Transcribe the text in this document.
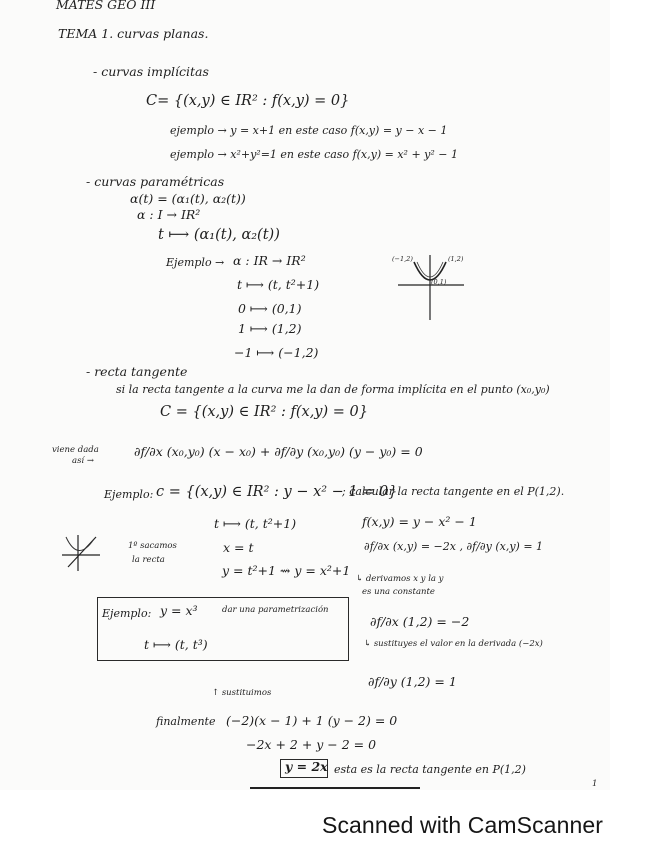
MATES GEO III
TEMA 1. curvas planas.
- curvas implícitas
C= {(x,y) ∈ IR² : f(x,y) = 0}
ejemplo → y = x+1 en este caso f(x,y) = y − x − 1
ejemplo → x²+y²=1 en este caso f(x,y) = x² + y² − 1
- curvas paramétricas
α(t) = (α₁(t), α₂(t))
α : I → IR²
t ⟼ (α₁(t), α₂(t))
Ejemplo → α : IR → IR²
t ⟼ (t, t²+1)
0 ⟼ (0,1)
1 ⟼ (1,2)
−1 ⟼ (−1,2)
(−1,2)	(1,2)
(0,1)
- recta tangente
si la recta tangente a la curva me la dan de forma implícita en el punto (x₀,y₀)
C = {(x,y) ∈ IR² : f(x,y) = 0}
viene dada
así →
∂f/∂x (x₀,y₀) (x − x₀) + ∂f/∂y (x₀,y₀) (y − y₀) = 0
Ejemplo: c = {(x,y) ∈ IR² : y − x² − 1 = 0}
; calcular la recta tangente en el P(1,2).
t ⟼ (t, t²+1)
x = t
y = t²+1 ⇝ y = x²+1
1º sacamos
la recta
f(x,y) = y − x² − 1
∂f/∂x (x,y) = −2x , ∂f/∂y (x,y) = 1
↳ derivamos x y la y
es una constante
∂f/∂x (1,2) = −2
↳ sustituyes el valor en la derivada (−2x)
∂f/∂y (1,2) = 1
Ejemplo: y = x³	dar una parametrización
t ⟼ (t, t³)
↑ sustituimos
finalmente (−2)(x − 1) + 1 (y − 2) = 0
−2x + 2 + y − 2 = 0
y = 2x esta es la recta tangente en P(1,2)
1
Scanned with CamScanner
